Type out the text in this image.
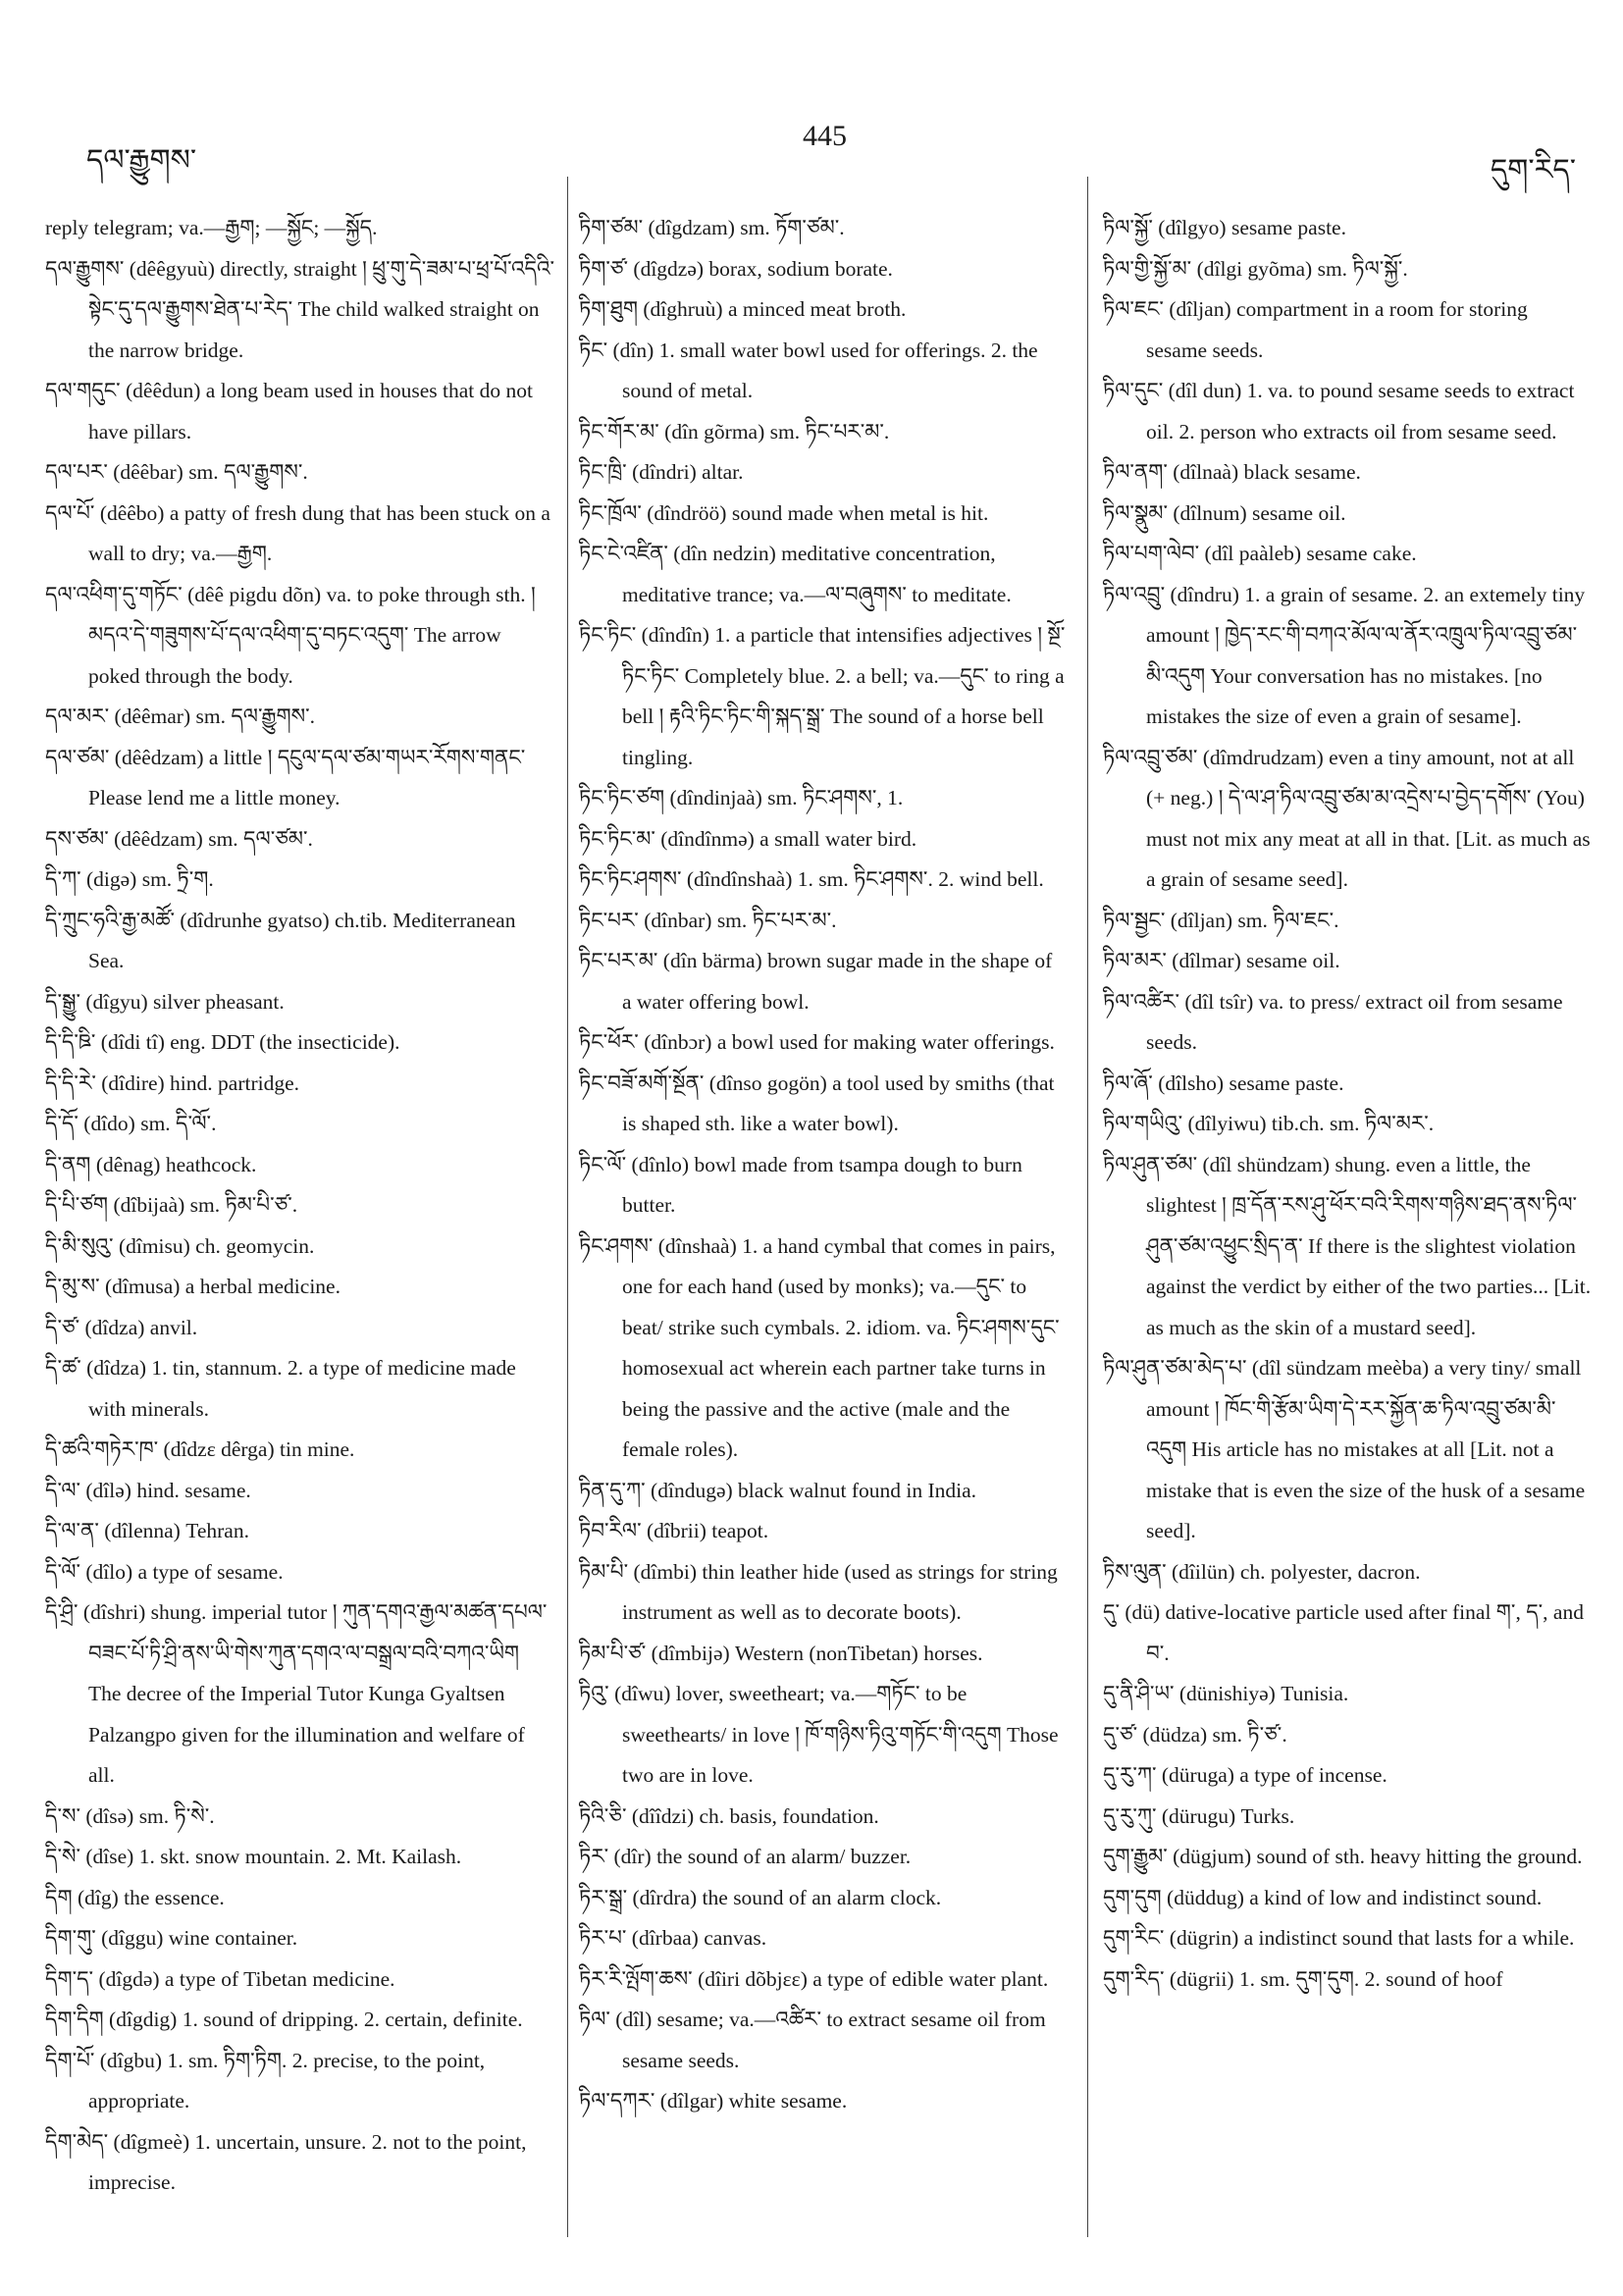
དལ་རྒྱུགས་
445
དུག་རིད་

reply telegram; va.—རྒྱག; —སྐྱོང; —སྐྱོད.

དལ་རྒྱུགས་ (dêêgyuù) directly, straight ། ཕྲུ་གུ་དེ་ཟམ་པ་ཕྲ་པོ་འདིའི་སྟེང་དུ་དལ་རྒྱུགས་ཐེན་པ་རེད་ The child walked straight on the narrow bridge.

དལ་གདུང་ (dêêdun) a long beam used in houses that do not have pillars.

དལ་པར་ (dêêbar) sm. དལ་རྒྱུགས་.

དལ་པོ་ (dêêbo) a patty of fresh dung that has been stuck on a wall to dry; va.—རྒྱག.

དལ་འཕིག་དུ་གཏོང་ (dêê pigdu dõn) va. to poke through sth. ། མདའ་དེ་གཟུགས་པོ་དལ་འཕིག་དུ་བཏང་འདུག་ The arrow poked through the body.

དལ་མར་ (dêêmar) sm. དལ་རྒྱུགས་.

དལ་ཙམ་ (dêêdzam) a little ། དངུལ་དལ་ཙམ་གཡར་རོགས་གནང་ Please lend me a little money.

དས་ཙམ་ (dêêdzam) sm. དལ་ཙམ་.

དི་ཀ་ (digə) sm. ཏྲི་ག.

དི་ཀྲུང་ཧའི་རྒྱ་མཚོ་ (dîdrunhe gyatso) ch.tib. Mediterranean Sea.

དི་སྒྱུ་ (dîgyu) silver pheasant.

དི་དི་ཋི་ (dîdi tî) eng. DDT (the insecticide).

དི་དི་རེ་ (dîdire) hind. partridge.

དི་དོ་ (dîdo) sm. དི་ལོ་.

དི་ནག (dênag) heathcock.

དི་པི་ཙག (dîbijaà) sm. ཏིམ་པི་ཙ་.

དི་མི་སུའུ་ (dîmisu) ch. geomycin.

དི་མུ་ས་ (dîmusa) a herbal medicine.

དི་ཙ་ (dîdza) anvil.

དི་ཚ་ (dîdza) 1. tin, stannum. 2. a type of medicine made with minerals.

དི་ཚའི་གཏེར་ཁ་ (dîdzɛ dêrga) tin mine.

དི་ལ་ (dîlə) hind. sesame.

དི་ལ་ན་ (dîlenna) Tehran.

དི་ལོ་ (dîlo) a type of sesame.

དི་ཤྲི་ (dîshri) shung. imperial tutor ། ཀུན་དགའ་རྒྱལ་མཚན་དཔལ་བཟང་པོ་ཏི་ཤྲི་ནས་ཡི་གེས་ཀུན་དགའ་ལ་བསྒྲལ་བའི་བཀའ་ཡིག The decree of the Imperial Tutor Kunga Gyaltsen Palzangpo given for the illumination and welfare of all.

དི་ས་ (dîsə) sm. ཏི་སེ་.

དི་སེ་ (dîse) 1. skt. snow mountain. 2. Mt. Kailash.

དིག (dîg) the essence.

དིག་གུ་ (dîggu) wine container.

དིག་ད་ (dîgdə) a type of Tibetan medicine.

དིག་དིག (dîgdig) 1. sound of dripping. 2. certain, definite.

དིག་པོ་ (dîgbu) 1. sm. ཏིག་ཏིག. 2. precise, to the point, appropriate.

དིག་མེད་ (dîgmeè) 1. uncertain, unsure. 2. not to the point, imprecise.

ཏིག་ཙམ་ (dîgdzam) sm. ཏོག་ཙམ་.

ཏིག་ཙ་ (dîgdzə) borax, sodium borate.

ཏིག་ཐུག (dîghruù) a minced meat broth.

ཏིང་ (dîn) 1. small water bowl used for offerings. 2. the sound of metal.

ཏིང་གོར་མ་ (dîn gõrma) sm. ཏིང་པར་མ་.

ཏིང་ཁྲི་ (dîndri) altar.

ཏིང་ཁྲོལ་ (dîndröö) sound made when metal is hit.

ཏིང་ངེ་འཛིན་ (dîn nedzin) meditative concentration, meditative trance; va.—ལ་བཞུགས་ to meditate.

ཏིང་ཏིང་ (dîndîn) 1. a particle that intensifies adjectives ། སྔོ་ཏིང་ཏིང་ Completely blue. 2. a bell; va.—དུང་ to ring a bell ། རྟའི་ཏིང་ཏིང་གི་སྐད་སྒྲ་ The sound of a horse bell tingling.

ཏིང་ཏིང་ཙག (dîndinjaà) sm. ཏིང་ཤགས་, 1.

ཏིང་ཏིང་མ་ (dîndînmə) a small water bird.

ཏིང་ཏིང་ཤགས་ (dîndînshaà) 1. sm. ཏིང་ཤགས་. 2. wind bell.

ཏིང་པར་ (dînbar) sm. ཏིང་པར་མ་.

ཏིང་པར་མ་ (dîn bärma) brown sugar made in the shape of a water offering bowl.

ཏིང་ཕོར་ (dînbɔr) a bowl used for making water offerings.

ཏིང་བཟོ་མགོ་སྔོན་ (dînso gogön) a tool used by smiths (that is shaped sth. like a water bowl).

ཏིང་ལོ་ (dînlo) bowl made from tsampa dough to burn butter.

ཏིང་ཤགས་ (dînshaà) 1. a hand cymbal that comes in pairs, one for each hand (used by monks); va.—དུང་ to beat/ strike such cymbals. 2. idiom. va. ཏིང་ཤགས་དུང་ homosexual act wherein each partner take turns in being the passive and the active (male and the female roles).

ཏིན་དུ་ཀ་ (dîndugə) black walnut found in India.

ཏིབ་རིལ་ (dîbrii) teapot.

ཏིམ་པི་ (dîmbi) thin leather hide (used as strings for string instrument as well as to decorate boots).

ཏིམ་པི་ཙ་ (dîmbijə) Western (nonTibetan) horses.

ཏིའུ་ (dîwu) lover, sweetheart; va.—གཏོང་ to be sweethearts/ in love ། ཁོ་གཉིས་ཏིའུ་གཏོང་གི་འདུག Those two are in love.

ཏིའི་ཅི་ (dîîdzi) ch. basis, foundation.

ཏིར་ (dîr) the sound of an alarm/ buzzer.

ཏིར་སྒྲ་ (dîrdra) the sound of an alarm clock.

ཏིར་པ་ (dîrbaa) canvas.

ཏིར་རི་ལྤོག་ཆས་ (dîiri dõbjɛɛ) a type of edible water plant.

ཏིལ་ (dîl) sesame; va.—འཚིར་ to extract sesame oil from sesame seeds.

ཏིལ་དཀར་ (dîlgar) white sesame.

ཏིལ་སྐྱོ་ (dîlgyo) sesame paste.

ཏིལ་གྱི་སྐྱོ་མ་ (dîlgi gyõma) sm. ཏིལ་སྐྱོ་.

ཏིལ་ཇང་ (dîljan) compartment in a room for storing sesame seeds.

ཏིལ་དུང་ (dîl dun) 1. va. to pound sesame seeds to extract oil. 2. person who extracts oil from sesame seed.

ཏིལ་ནག་ (dîlnaà) black sesame.

ཏིལ་སྣུམ་ (dîlnum) sesame oil.

ཏིལ་པག་ལེབ་ (dîl paàleb) sesame cake.

ཏིལ་འབྲུ་ (dîndru) 1. a grain of sesame. 2. an extemely tiny amount ། ཁྱེད་རང་གི་བཀའ་མོལ་ལ་ནོར་འཁྲུལ་ཏིལ་འབྲུ་ཙམ་མི་འདུག Your conversation has no mistakes. [no mistakes the size of even a grain of sesame].

ཏིལ་འབྲུ་ཙམ་ (dîmdrudzam) even a tiny amount, not at all (+ neg.) ། དེ་ལ་ཤ་ཏིལ་འབྲུ་ཙམ་མ་འདྲེས་པ་བྱེད་དགོས་ (You) must not mix any meat at all in that. [Lit. as much as a grain of sesame seed].

ཏིལ་སྦྱང་ (dîljan) sm. ཏིལ་ཇང་.

ཏིལ་མར་ (dîlmar) sesame oil.

ཏིལ་འཚིར་ (dîl tsîr) va. to press/ extract oil from sesame seeds.

ཏིལ་ཞོ་ (dîlsho) sesame paste.

ཏིལ་གཡིའུ་ (dîlyiwu) tib.ch. sm. ཏིལ་མར་.

ཏིལ་ཤུན་ཙམ་ (dîl shündzam) shung. even a little, the slightest ། ཁྲ་དོན་རས་ཤུ་ཕོར་བའི་རིགས་གཉིས་ཐད་ནས་ཏིལ་ཤུན་ཙམ་འཕྱུང་སྲིད་ན་ If there is the slightest violation against the verdict by either of the two parties... [Lit. as much as the skin of a mustard seed].

ཏིལ་ཤུན་ཙམ་མེད་པ་ (dîl sündzam meèba) a very tiny/ small amount ། ཁོང་གི་རྩོམ་ཡིག་དེ་རར་སྐྱོན་ཆ་ཏིལ་འབྲུ་ཙམ་མི་འདུག His article has no mistakes at all [Lit. not a mistake that is even the size of the husk of a sesame seed].

ཏིས་ལུན་ (dîilün) ch. polyester, dacron.

དུ་ (dü) dative-locative particle used after final ག་, ད་, and བ་.

དུ་ནི་ཤི་ཡ་ (dünishiyə) Tunisia.

དུ་ཙ་ (düdza) sm. ཏི་ཙ་.

དུ་རུ་ཀ་ (düruga) a type of incense.

དུ་རུ་ཀུ་ (dürugu) Turks.

དུག་རྒྱུམ་ (dügjum) sound of sth. heavy hitting the ground.

དུག་དུག (düddug) a kind of low and indistinct sound.

དུག་རིང་ (dügrin) a indistinct sound that lasts for a while.

དུག་རིད་ (dügrii) 1. sm. དུག་དུག. 2. sound of hoof
